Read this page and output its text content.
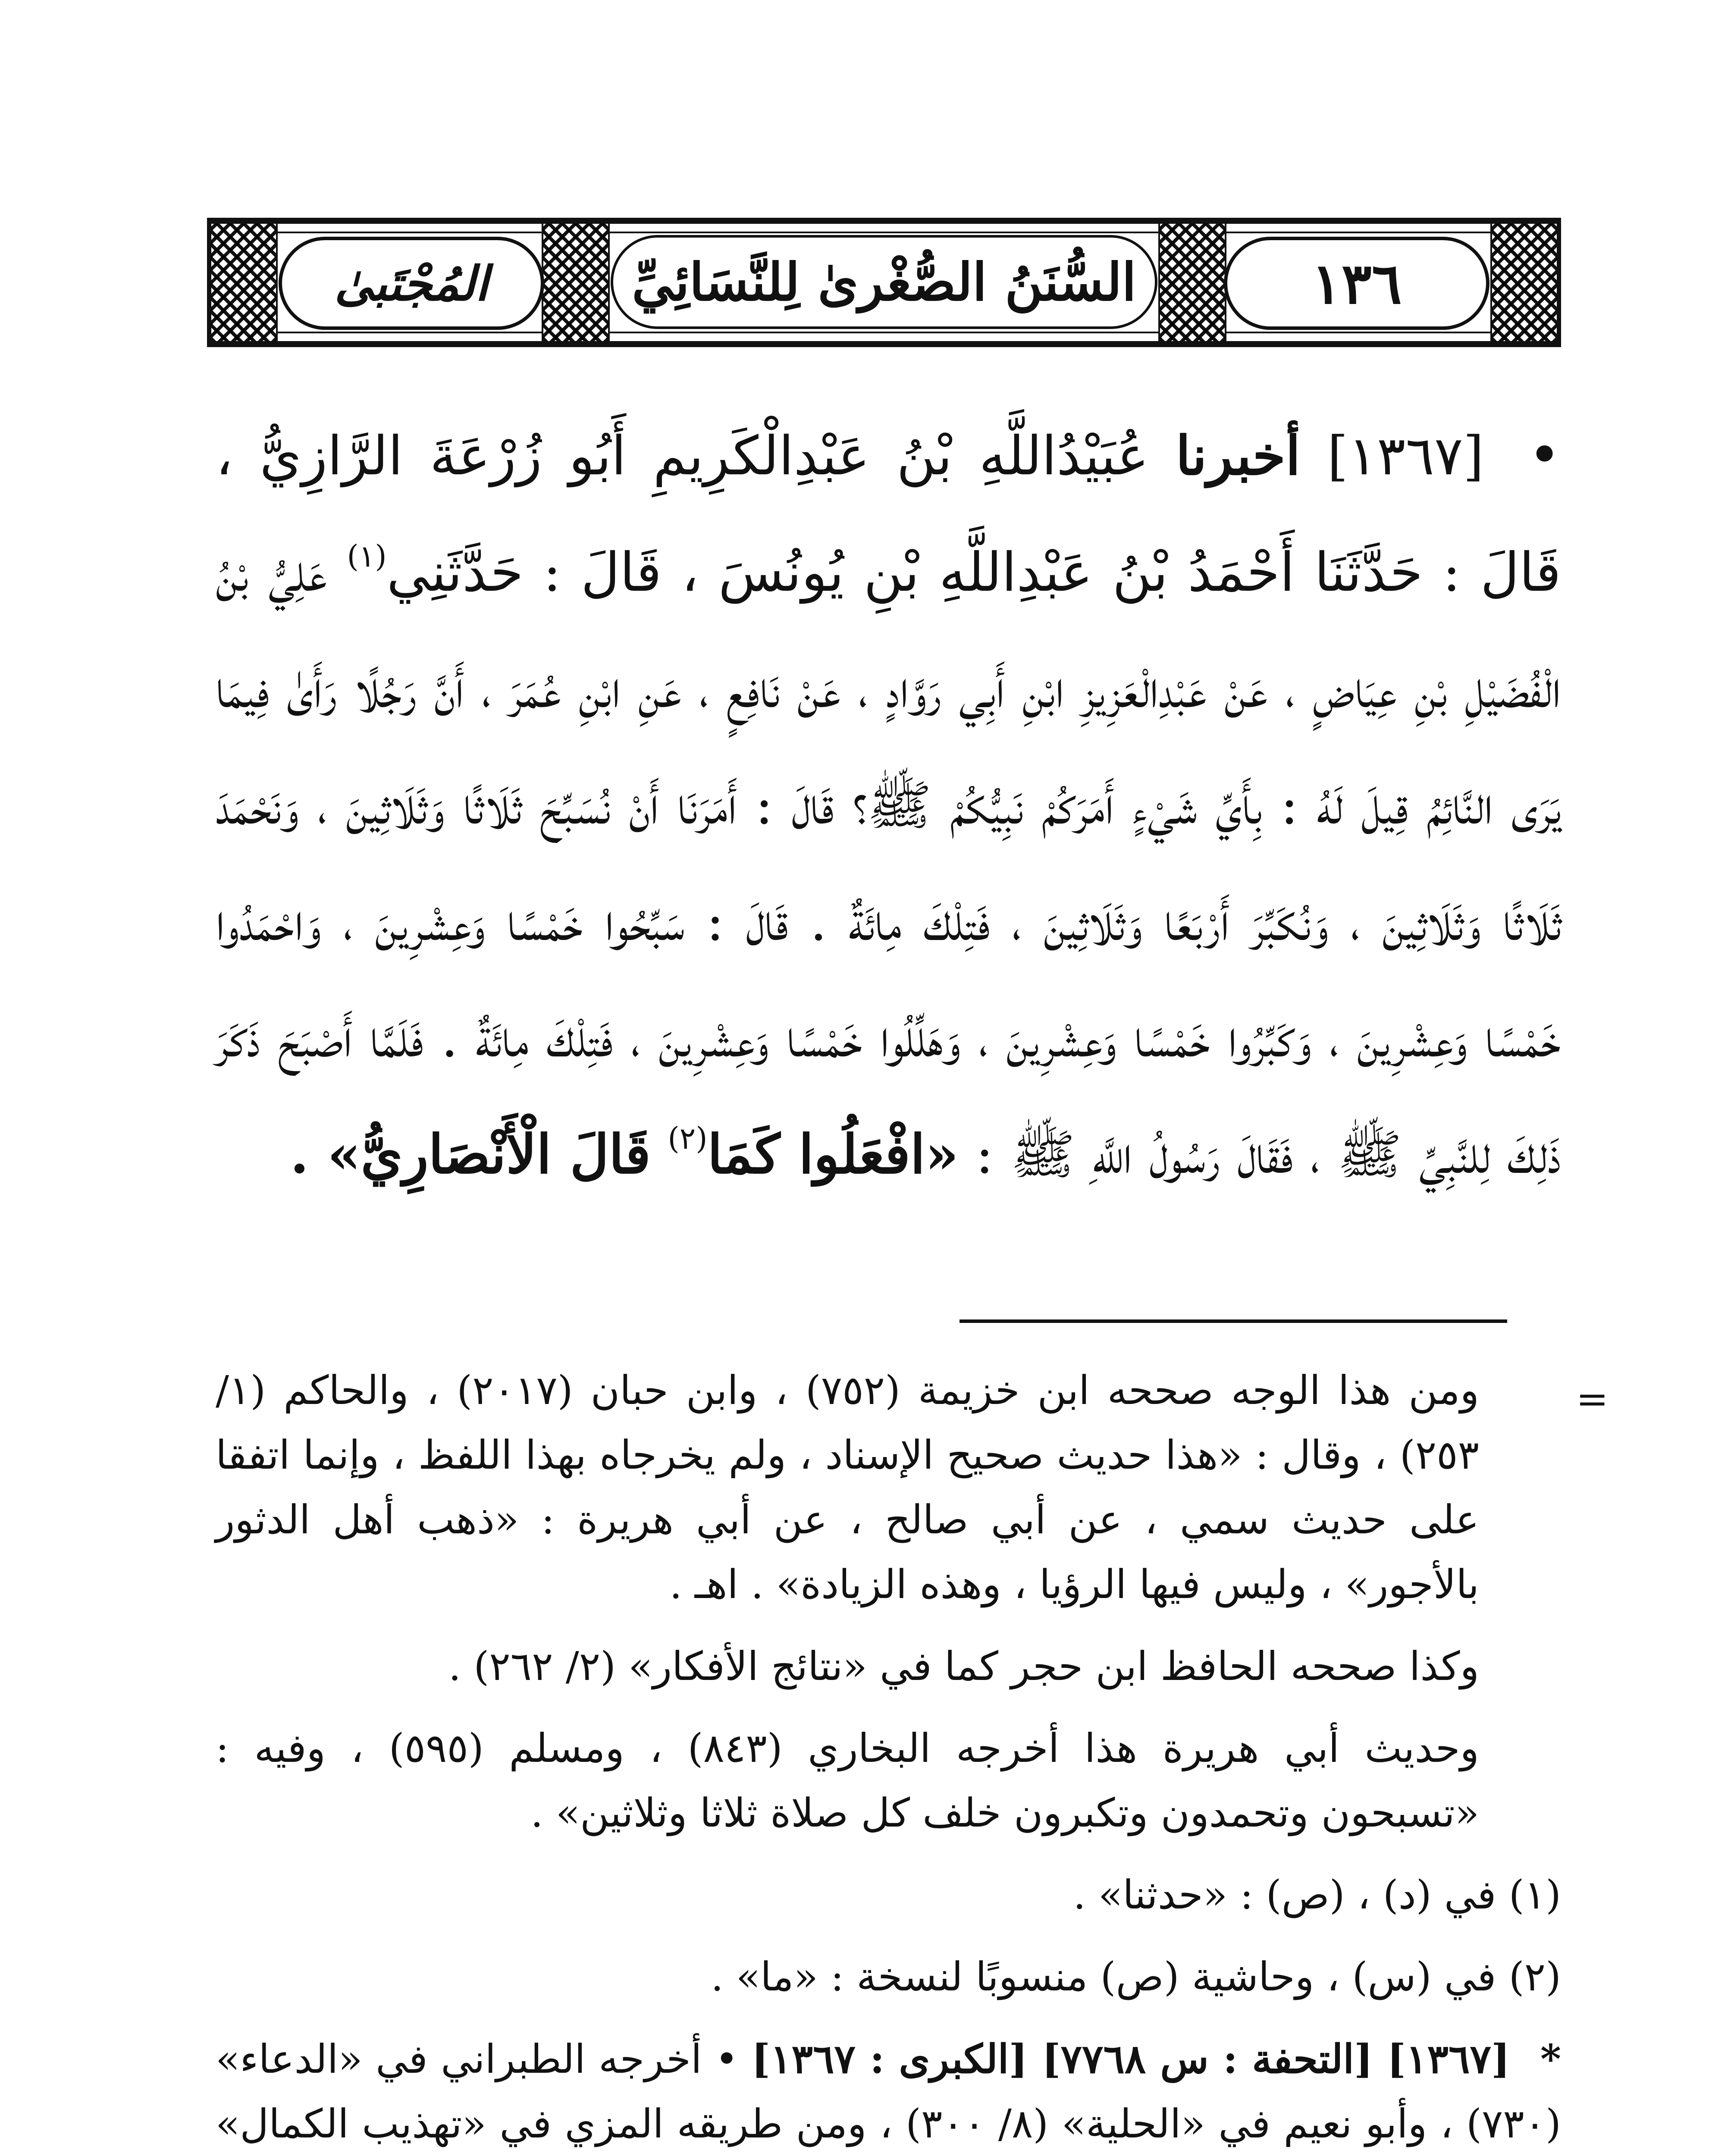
المُجْتَبىٰ	السُّنَنُ الصُّغْرىٰ لِلنَّسَائِيِّ	١٣٦
• [١٣٦٧] أخبرنا عُبَيْدُاللَّهِ بْنُ عَبْدِالْكَرِيمِ أَبُو زُرْعَةَ الرَّازِيُّ ، قَالَ : حَدَّثَنَا أَحْمَدُ بْنُ عَبْدِاللَّهِ بْنِ يُونُسَ ، قَالَ : حَدَّثَنِي$^{(١)}$ عَلِيُّ بْنُ الْفُضَيْلِ بْنِ عِيَاضٍ ، عَنْ عَبْدِالْعَزِيزِ ابْنِ أَبِي رَوَّادٍ ، عَنْ نَافِعٍ ، عَنِ ابْنِ عُمَرَ ، أَنَّ رَجُلًا رَأَىٰ فِيمَا يَرَى النَّائِمُ قِيلَ لَهُ : بِأَيِّ شَيْءٍ أَمَرَكُمْ نَبِيُّكُمْ ﷺ؟ قَالَ : أَمَرَنَا أَنْ نُسَبِّحَ ثَلَاثًا وَثَلَاثِينَ ، وَنَحْمَدَ ثَلَاثًا وَثَلَاثِينَ ، وَنُكَبِّرَ أَرْبَعًا وَثَلَاثِينَ ، فَتِلْكَ مِائَةٌ . قَالَ : سَبِّحُوا خَمْسًا وَعِشْرِينَ ، وَاحْمَدُوا خَمْسًا وَعِشْرِينَ ، وَكَبِّرُوا خَمْسًا وَعِشْرِينَ ، وَهَلِّلُوا خَمْسًا وَعِشْرِينَ ، فَتِلْكَ مِائَةٌ . فَلَمَّا أَصْبَحَ ذَكَرَ ذَلِكَ لِلنَّبِيِّ ﷺ ، فَقَالَ رَسُولُ اللَّهِ ﷺ : «افْعَلُوا كَمَا$^{(٢)}$ قَالَ الْأَنْصَارِيُّ» .

=
ومن هذا الوجه صححه ابن خزيمة (٧٥٢) ، وابن حبان (٢٠١٧) ، والحاكم (١/ ٢٥٣) ، وقال : «هذا حديث صحيح الإسناد ، ولم يخرجاه بهذا اللفظ ، وإنما اتفقا على حديث سمي ، عن أبي صالح ، عن أبي هريرة : «ذهب أهل الدثور بالأجور» ، وليس فيها الرؤيا ، وهذه الزيادة» . اهـ .

وكذا صححه الحافظ ابن حجر كما في «نتائج الأفكار» (٢/ ٢٦٢) .

وحديث أبي هريرة هذا أخرجه البخاري (٨٤٣) ، ومسلم (٥٩٥) ، وفيه : «تسبحون وتحمدون وتكبرون خلف كل صلاة ثلاثا وثلاثين» .

(١) في (د) ، (ص) : «حدثنا» .

(٢) في (س) ، وحاشية (ص) منسوبًا لنسخة : «ما» .

* [١٣٦٧] [التحفة : س ٧٧٦٨] [الكبرى : ١٣٦٧] • أخرجه الطبراني في «الدعاء» (٧٣٠) ، وأبو نعيم في «الحلية» (٨/ ٣٠٠) ، ومن طريقه المزي في «تهذيب الكمال»
